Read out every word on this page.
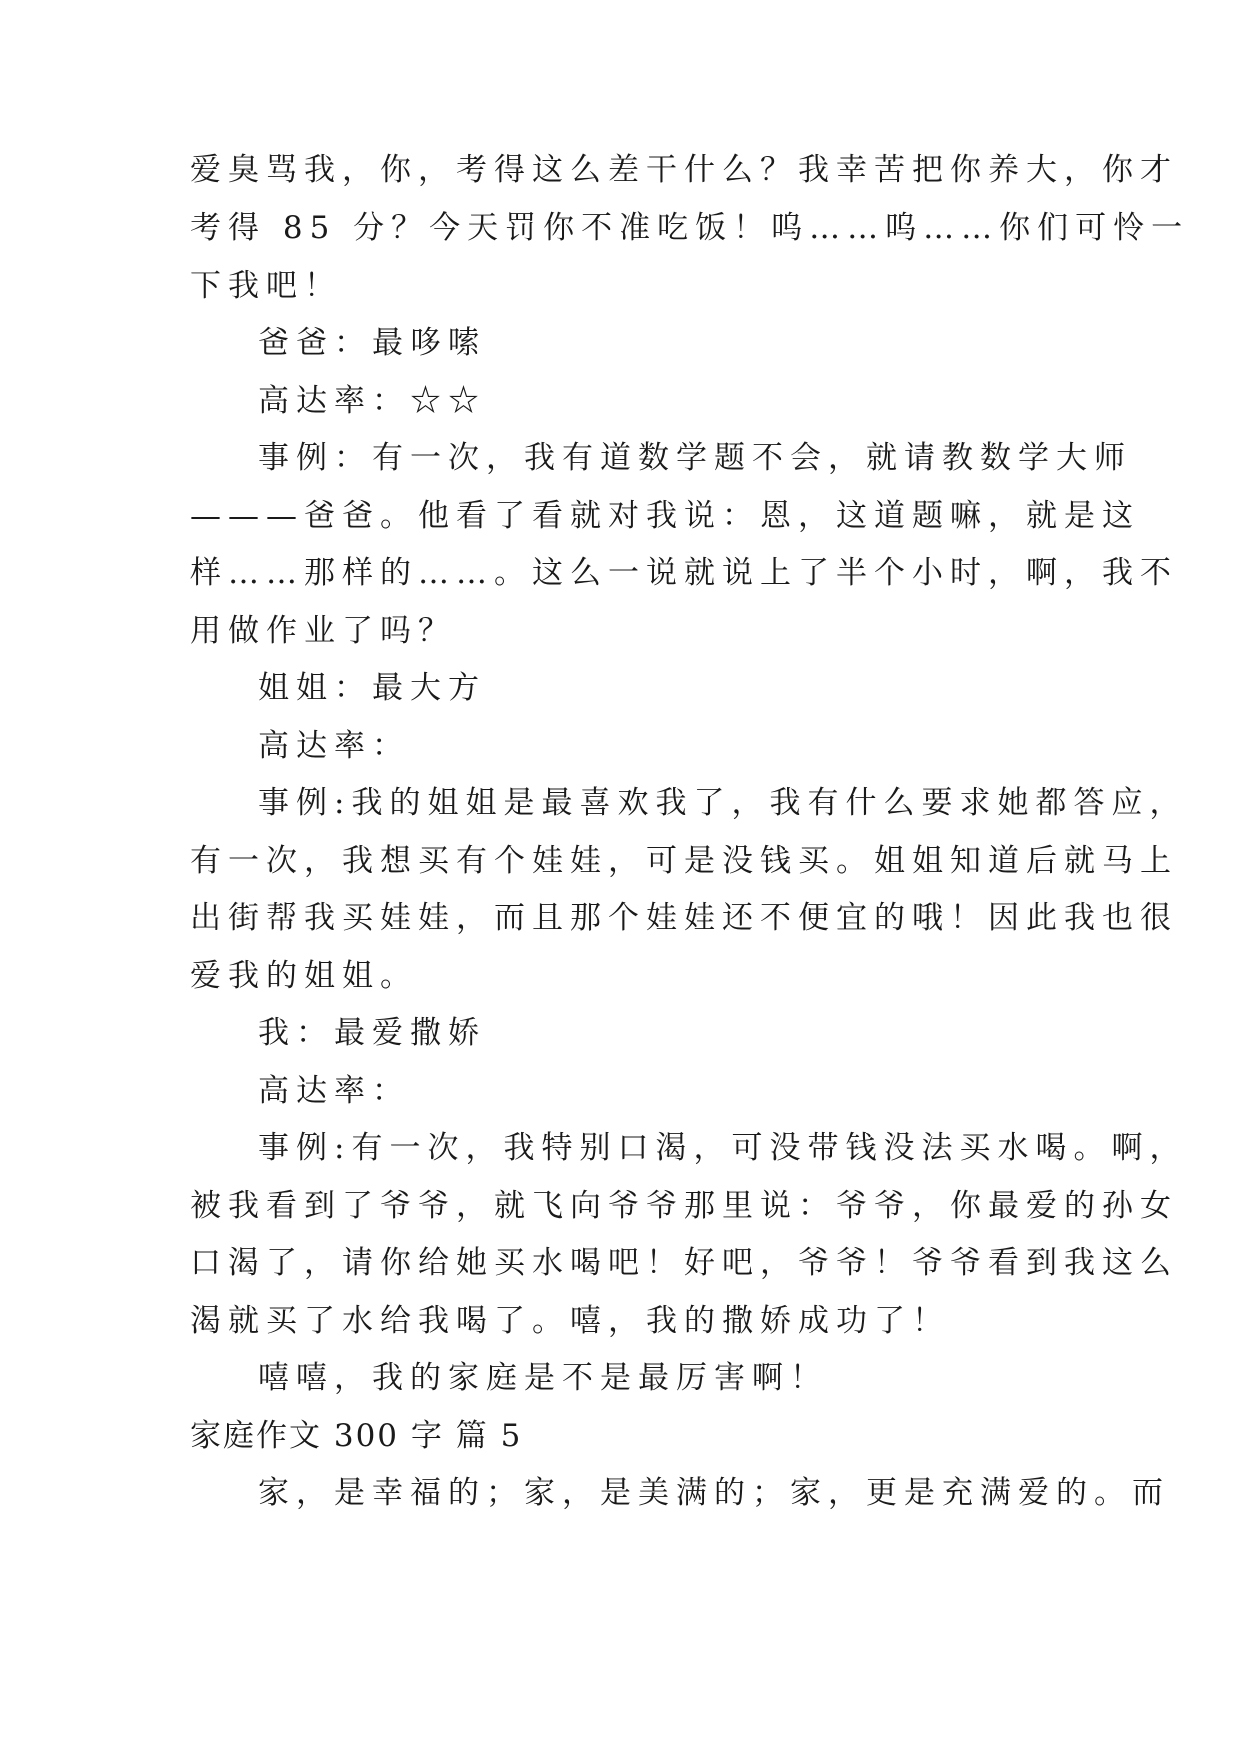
爱臭骂我，你，考得这么差干什么？我幸苦把你养大，你才
考得 85 分？今天罚你不准吃饭！呜……呜……你们可怜一
下我吧！
爸爸：最哆嗦
高达率：☆☆
事例：有一次，我有道数学题不会，就请教数学大师
———爸爸。他看了看就对我说：恩，这道题嘛，就是这
样……那样的……。这么一说就说上了半个小时，啊，我不
用做作业了吗？
姐姐：最大方
高达率：
事例:我的姐姐是最喜欢我了，我有什么要求她都答应，
有一次，我想买有个娃娃，可是没钱买。姐姐知道后就马上
出街帮我买娃娃，而且那个娃娃还不便宜的哦！因此我也很
爱我的姐姐。
我：最爱撒娇
高达率：
事例:有一次，我特别口渴，可没带钱没法买水喝。啊，
被我看到了爷爷，就飞向爷爷那里说：爷爷，你最爱的孙女
口渴了，请你给她买水喝吧！好吧，爷爷！爷爷看到我这么
渴就买了水给我喝了。嘻，我的撒娇成功了！
嘻嘻，我的家庭是不是最厉害啊！
家庭作文 300 字 篇 5
家，是幸福的；家，是美满的；家，更是充满爱的。而
